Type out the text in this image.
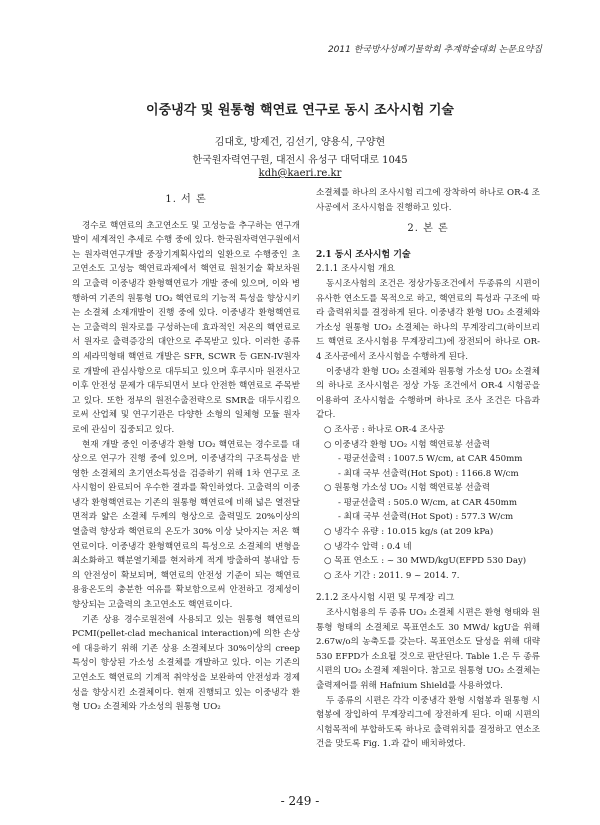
2011 한국방사성폐기물학회 추계학술대회 논문요약집
이중냉각 및 원통형 핵연료 연구로 동시 조사시험 기술
김대호, 방제건, 김선기, 양용식, 구양현
한국원자력연구원, 대전시 유성구 대덕대로 1045
kdh@kaeri.re.kr
1. 서 론

경수로 핵연료의 초고연소도 및 고성능을 추구하는 연구개발이 세계적인 추세로 수행 중에 있다. 한국원자력연구원에서는 원자력연구개발 중장기계획사업의 일환으로 수행중인 초고연소도 고성능 핵연료과제에서 핵연료 원천기술 확보차원의 고출력 이중냉각 환형핵연료가 개발 중에 있으며, 이와 병행하여 기존의 원통형 UO₂ 핵연료의 기능적 특성을 향상시키는 소결체 소재개발이 진행 중에 있다. 이중냉각 환형핵연료는 고출력의 원자로를 구성하는데 효과적인 저온의 핵연료로서 원자로 출력증강의 대안으로 주목받고 있다. 이러한 종류의 세라믹형태 핵연료 개발은 SFR, SCWR 등 GEN-IV원자로 개발에 관심사항으로 대두되고 있으며 후쿠시마 원전사고이후 안전성 문제가 대두되면서 보다 안전한 핵연료로 주목받고 있다. 또한 정부의 원전수출전략으로 SMR을 대두시킴으로써 산업체 및 연구기관은 다양한 소형의 일체형 모듈 원자로에 관심이 집중되고 있다.

현재 개발 중인 이중냉각 환형 UO₂ 핵연료는 경수로를 대상으로 연구가 진행 중에 있으며, 이중냉각의 구조특성을 반영한 소결체의 초기연소특성을 검증하기 위해 1차 연구로 조사시험이 완료되어 우수한 결과를 확인하였다. 고출력의 이중냉각 환형핵연료는 기존의 원통형 핵연료에 비해 넓은 열전달 면적과 얇은 소결체 두께의 형상으로 출력밀도 20%이상의 열출력 향상과 핵연료의 온도가 30% 이상 낮아지는 저온 핵연료이다. 이중냉각 환형핵연료의 특성으로 소결체의 변형을 최소화하고 핵분열기체를 현저하게 적게 방출하여 봉내압 등의 안전성이 확보되며, 핵연료의 안전성 기준이 되는 핵연료 용융온도의 충분한 여유를 확보함으로써 안전하고 경제성이 향상되는 고출력의 초고연소도 핵연료이다.

기존 상용 경수로원전에 사용되고 있는 원통형 핵연료의 PCMI(pellet-clad mechanical interaction)에 의한 손상에 대응하기 위해 기존 상용 소결체보다 30%이상의 creep 특성이 향상된 가소성 소결체를 개발하고 있다. 이는 기존의 고연소도 핵연료의 기계적 취약성을 보완하여 안전성과 경제성을 향상시킨 소결체이다. 현재 진행되고 있는 이중냉각 환형 UO₂ 소결체와 가소성의 원통형 UO₂

소결체를 하나의 조사시험 리그에 장착하여 하나로 OR-4 조사공에서 조사시험을 진행하고 있다.

2. 본 론
2.1 동시 조사시험 기술
2.1.1 조사시험 개요

동시조사험의 조건은 정상가동조건에서 두종류의 시편이 유사한 연소도를 목적으로 하고, 핵연료의 특성과 구조에 따라 출력위치를 결정하게 된다. 이중냉각 환형 UO₂ 소결체와 가소성 원통형 UO₂ 소결체는 하나의 무계장리그(하이브리드 핵연료 조사시험용 무계장리그)에 장전되어 하나로 OR-4 조사공에서 조사시험을 수행하게 된다.

이중냉각 환형 UO₂ 소결체와 원통형 가소성 UO₂ 소결체의 하나로 조사시험은 정상 가동 조건에서 OR-4 시험공을 이용하여 조사시험을 수행하며 하나로 조사 조건은 다음과 같다.

○ 조사공 : 하나로 OR-4 조사공

○ 이중냉각 환형 UO₂ 시험 핵연료봉 선출력

- 평균선출력 : 1007.5 W/cm, at CAR 450mm

- 최대 국부 선출력(Hot Spot) : 1166.8 W/cm

○ 원통형 가소성 UO₂ 시험 핵연료봉 선출력

- 평균선출력 : 505.0 W/cm, at CAR 450mm

- 최대 국부 선출력(Hot Spot) : 577.3 W/cm

○ 냉각수 유량 : 10.015 kg/s (at 209 kPa)

○ 냉각수 압력 : 0.4 네

○ 목표 연소도 : ~ 30 MWD/kgU(EFPD 530 Day)

○ 조사 기간 : 2011. 9 ~ 2014. 7.

2.1.2 조사시험 시편 및 무계장 리그

조사시험용의 두 종류 UO₂ 소결체 시편은 환형 형태와 원통형 형태의 소결체로 목표연소도 30 MWd/ kgU을 위해 2.67w/o의 농축도를 갖는다. 목표연소도 달성을 위해 대략 530 EFPD가 소요될 것으로 판단된다. Table 1.은 두 종류시편의 UO₂ 소결체 제원이다. 참고로 원통형 UO₂ 소결체는 출력제어를 위해 Hafnium Shield를 사용하였다.

두 종류의 시편은 각각 이중냉각 환형 시험봉과 원통형 시험봉에 장입하여 무계장리그에 장전하게 된다. 이때 시편의 시험목적에 부합하도록 하나로 출력위치를 결정하고 연소조건을 맞도록 Fig. 1.과 같이 배치하였다.

- 249 -
